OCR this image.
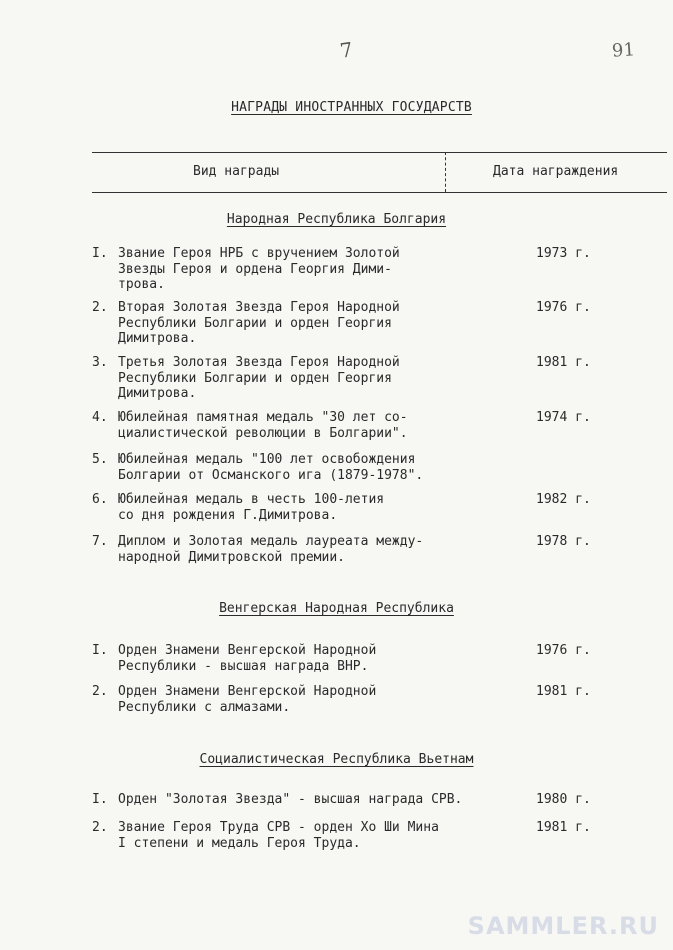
7	91
НАГРАДЫ ИНОСТРАННЫХ ГОСУДАРСТВ
Вид награды	Дата награждения
Народная Республика Болгария
I. Звание Героя НРБ с вручением Золотой
Звезды Героя и ордена Георгия Дими-
трова.
1973 г.
2. Вторая Золотая Звезда Героя Народной
Республики Болгарии и орден Георгия
Димитрова.
1976 г.
3. Третья Золотая Звезда Героя Народной
Республики Болгарии и орден Георгия
Димитрова.
1981 г.
4. Юбилейная памятная медаль "30 лет со-
циалистической революции в Болгарии".
1974 г.
5. Юбилейная медаль "100 лет освобождения
Болгарии от Османского ига (1879-1978".
6. Юбилейная медаль в честь 100-летия
со дня рождения Г.Димитрова.
1982 г.
7. Диплом и Золотая медаль лауреата между-
народной Димитровской премии.
1978 г.
Венгерская Народная Республика
I. Орден Знамени Венгерской Народной
Республики - высшая награда ВНР.
1976 г.
2. Орден Знамени Венгерской Народной
Республики с алмазами.
1981 г.
Социалистическая Республика Вьетнам
I. Орден "Золотая Звезда" - высшая награда СРВ.	1980 г.
2. Звание Героя Труда СРВ - орден Хо Ши Мина
I степени и медаль Героя Труда.
1981 г.
SAMMLER.RU
